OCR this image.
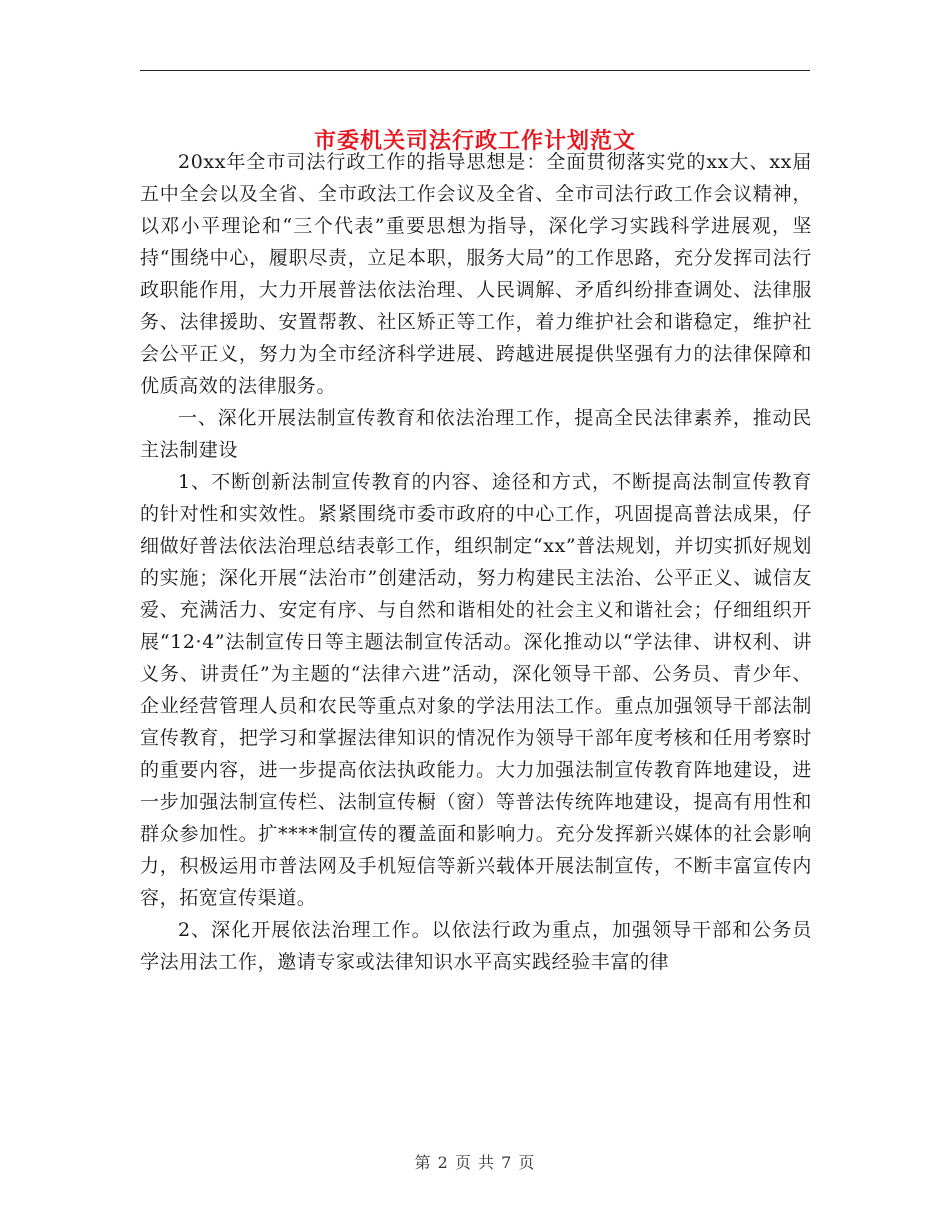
市委机关司法行政工作计划范文

20xx年全市司法行政工作的指导思想是：全面贯彻落实党的xx大、xx届五中全会以及全省、全市政法工作会议及全省、全市司法行政工作会议精神，以邓小平理论和“三个代表”重要思想为指导，深化学习实践科学进展观，坚持“围绕中心，履职尽责，立足本职，服务大局”的工作思路，充分发挥司法行政职能作用，大力开展普法依法治理、人民调解、矛盾纠纷排查调处、法律服务、法律援助、安置帮教、社区矫正等工作，着力维护社会和谐稳定，维护社会公平正义，努力为全市经济科学进展、跨越进展提供坚强有力的法律保障和优质高效的法律服务。

一、深化开展法制宣传教育和依法治理工作，提高全民法律素养，推动民主法制建设

1、不断创新法制宣传教育的内容、途径和方式，不断提高法制宣传教育的针对性和实效性。紧紧围绕市委市政府的中心工作，巩固提高普法成果，仔细做好普法依法治理总结表彰工作，组织制定“xx”普法规划，并切实抓好规划的实施；深化开展“法治市”创建活动，努力构建民主法治、公平正义、诚信友爱、充满活力、安定有序、与自然和谐相处的社会主义和谐社会；仔细组织开展“12·4”法制宣传日等主题法制宣传活动。深化推动以“学法律、讲权利、讲义务、讲责任”为主题的“法律六进”活动，深化领导干部、公务员、青少年、企业经营管理人员和农民等重点对象的学法用法工作。重点加强领导干部法制宣传教育，把学习和掌握法律知识的情况作为领导干部年度考核和任用考察时的重要内容，进一步提高依法执政能力。大力加强法制宣传教育阵地建设，进一步加强法制宣传栏、法制宣传橱（窗）等普法传统阵地建设，提高有用性和群众参加性。扩****制宣传的覆盖面和影响力。充分发挥新兴媒体的社会影响力，积极运用市普法网及手机短信等新兴载体开展法制宣传，不断丰富宣传内容，拓宽宣传渠道。

2、深化开展依法治理工作。以依法行政为重点，加强领导干部和公务员学法用法工作，邀请专家或法律知识水平高实践经验丰富的律

第 2 页 共 7 页
